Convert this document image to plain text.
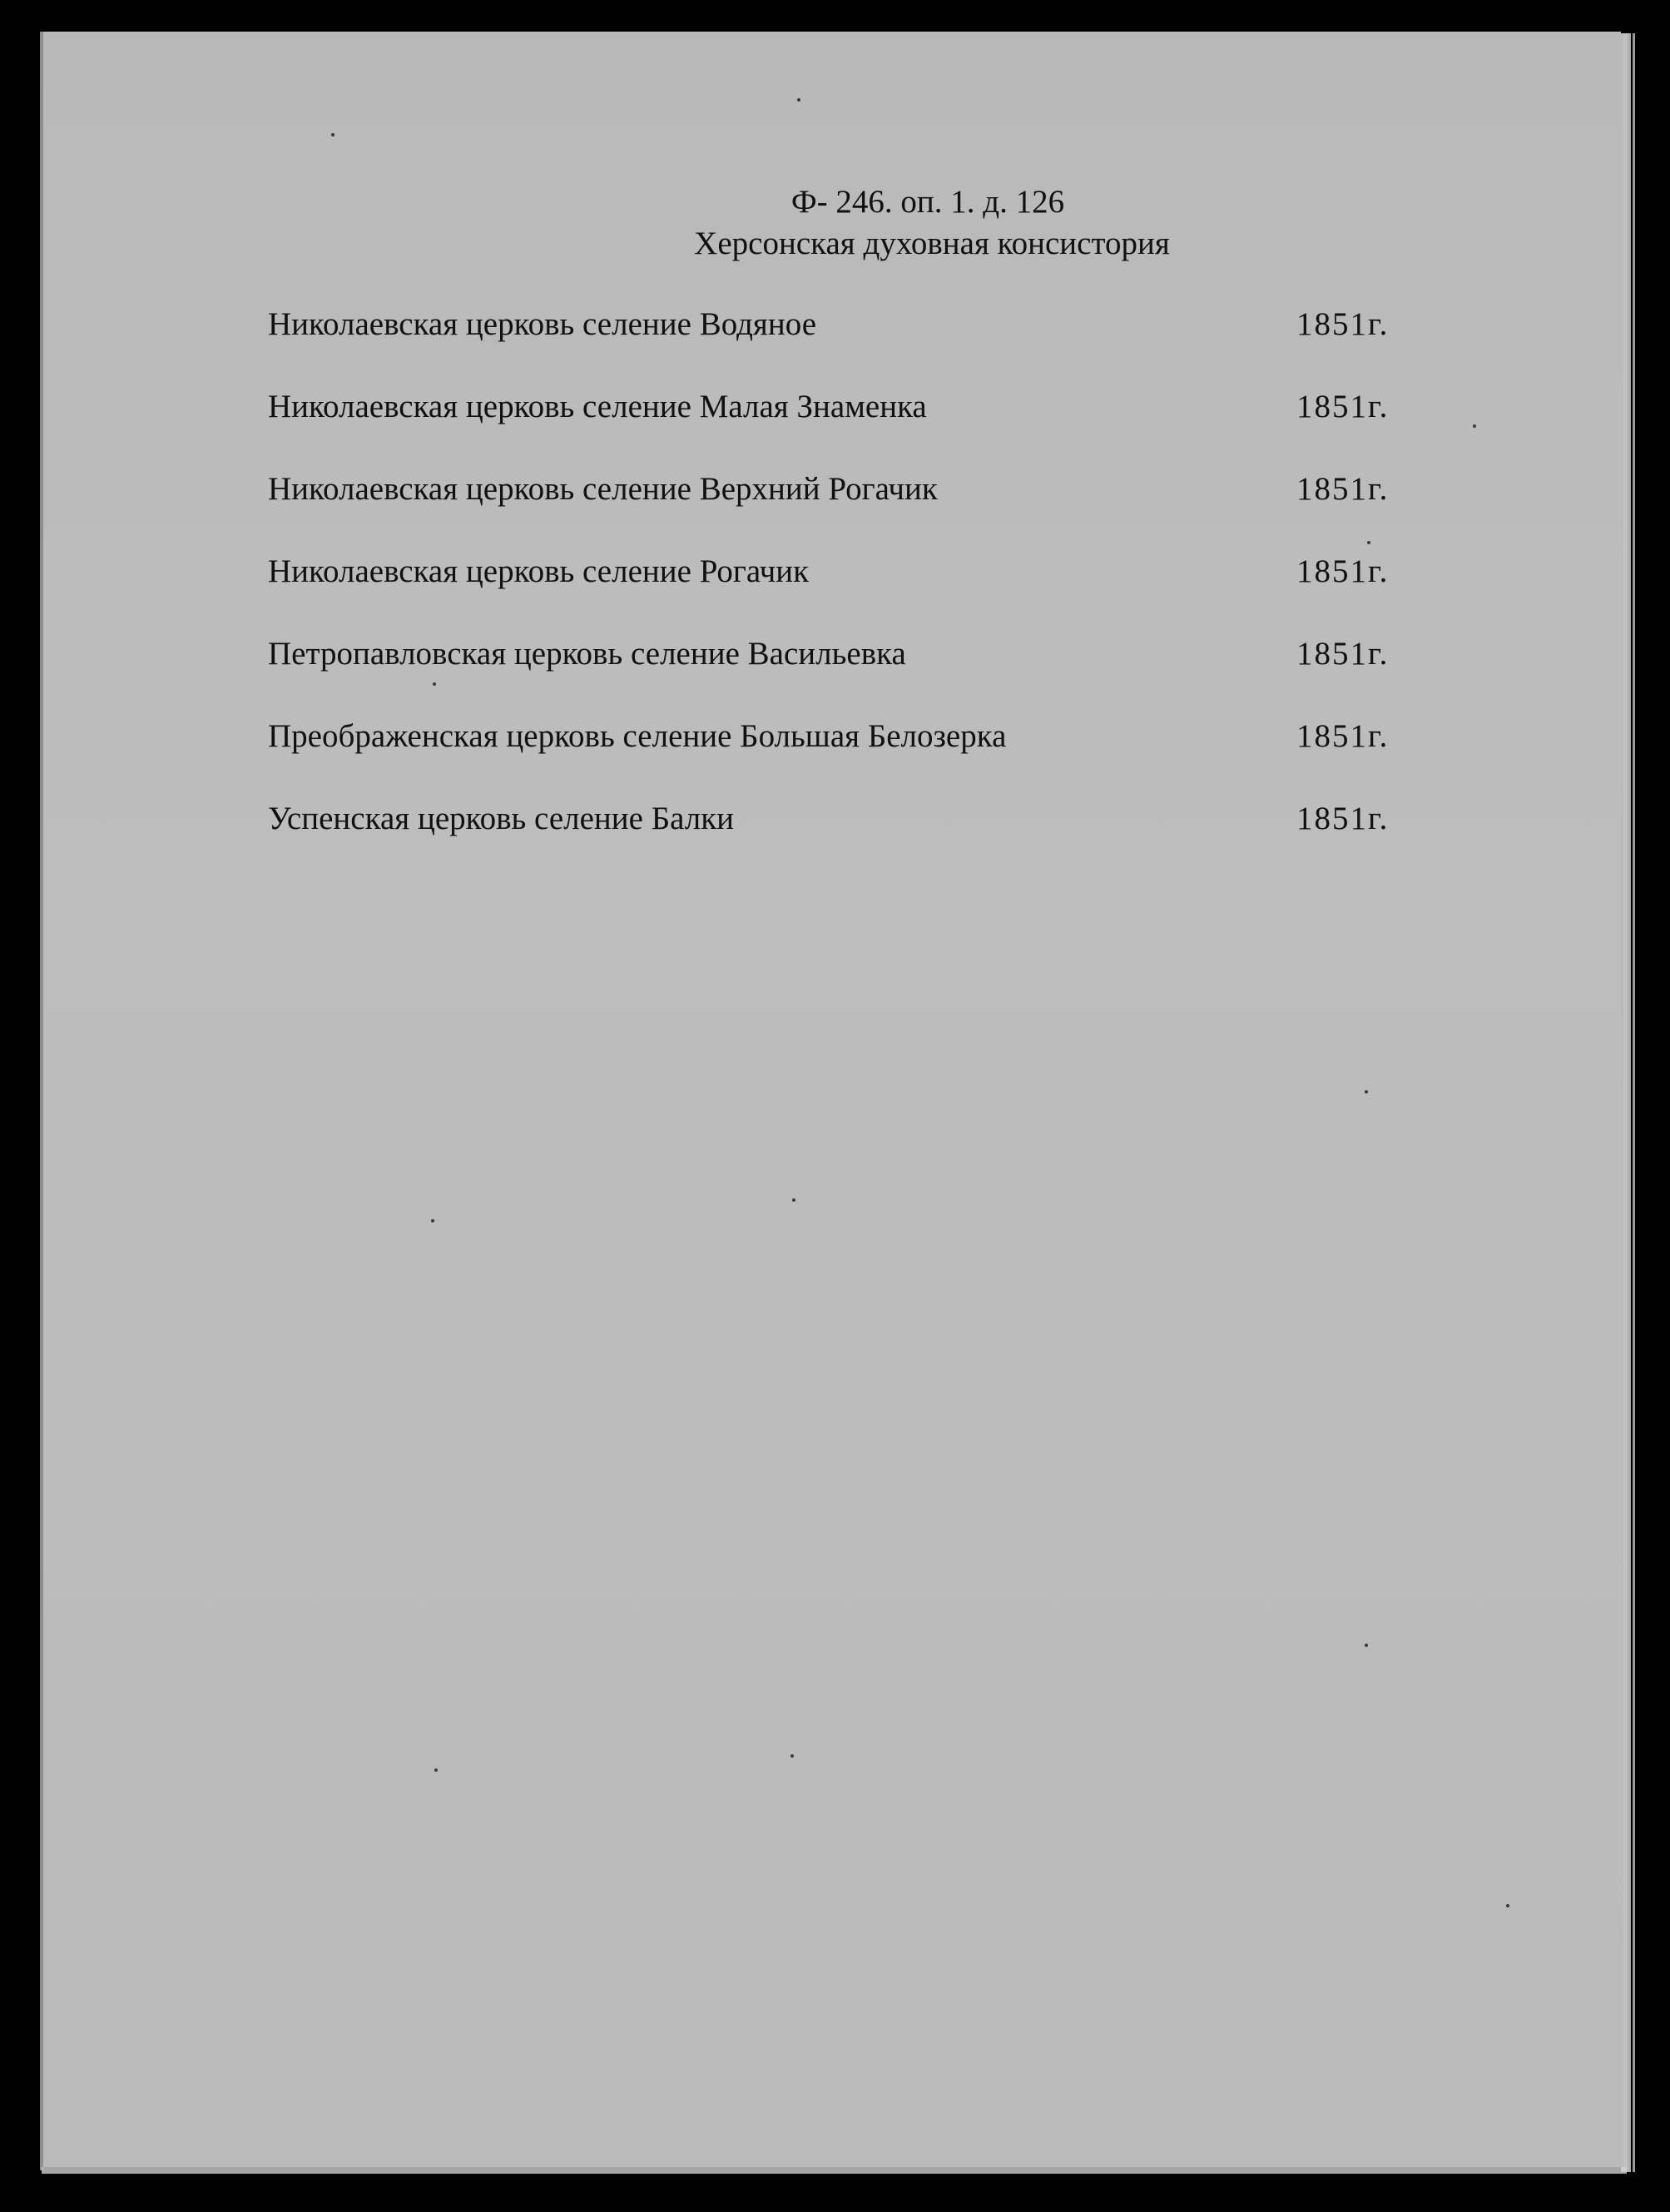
Ф- 246. оп. 1. д. 126
Херсонская духовная консистория
Николаевская церковь селение Водяное	1851г.
Николаевская церковь селение Малая Знаменка	1851г.
Николаевская церковь селение Верхний Рогачик	1851г.
Николаевская церковь селение Рогачик	1851г.
Петропавловская церковь селение Васильевка	1851г.
Преображенская церковь селение Большая Белозерка	1851г.
Успенская церковь селение Балки	1851г.
